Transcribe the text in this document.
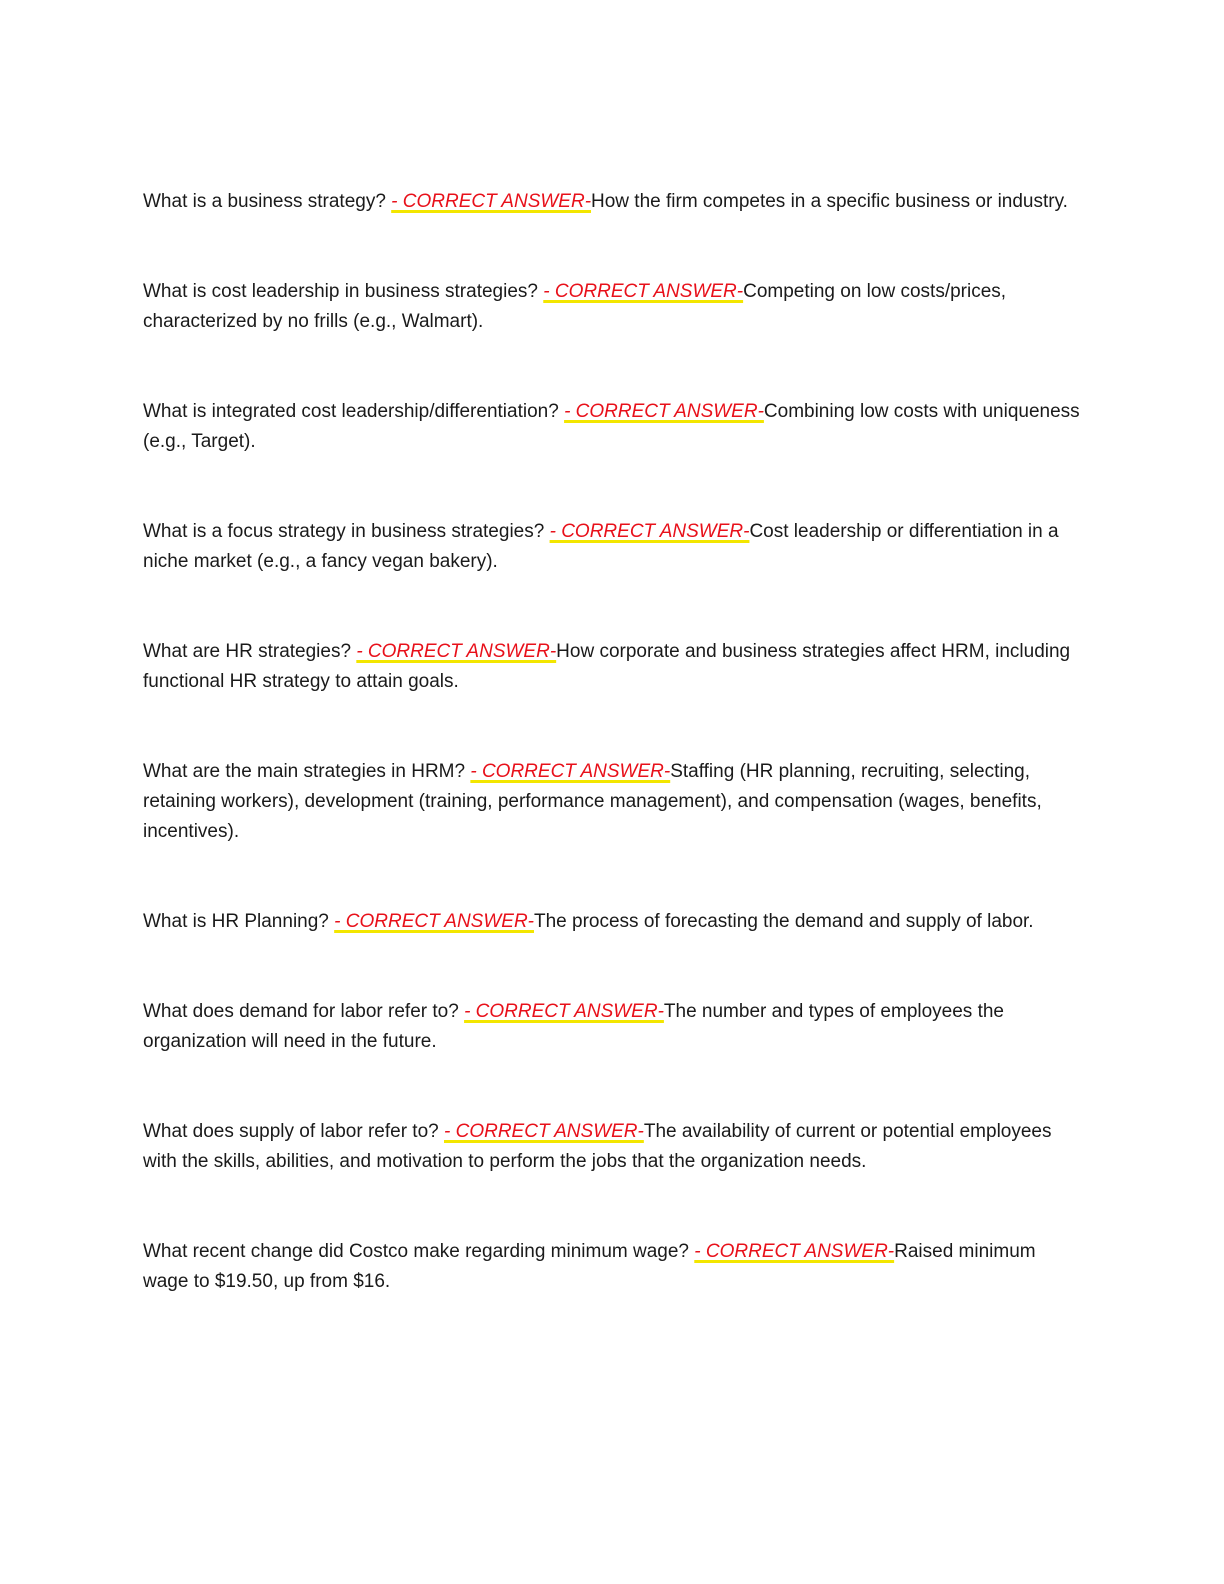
What is a business strategy? - CORRECT ANSWER-How the firm competes in a specific business or industry.

What is cost leadership in business strategies? - CORRECT ANSWER-Competing on low costs/prices, characterized by no frills (e.g., Walmart).

What is integrated cost leadership/differentiation? - CORRECT ANSWER-Combining low costs with uniqueness (e.g., Target).

What is a focus strategy in business strategies? - CORRECT ANSWER-Cost leadership or differentiation in a niche market (e.g., a fancy vegan bakery).

What are HR strategies? - CORRECT ANSWER-How corporate and business strategies affect HRM, including functional HR strategy to attain goals.

What are the main strategies in HRM? - CORRECT ANSWER-Staffing (HR planning, recruiting, selecting, retaining workers), development (training, performance management), and compensation (wages, benefits, incentives).

What is HR Planning? - CORRECT ANSWER-The process of forecasting the demand and supply of labor.

What does demand for labor refer to? - CORRECT ANSWER-The number and types of employees the organization will need in the future.

What does supply of labor refer to? - CORRECT ANSWER-The availability of current or potential employees with the skills, abilities, and motivation to perform the jobs that the organization needs.

What recent change did Costco make regarding minimum wage? - CORRECT ANSWER-Raised minimum wage to $19.50, up from $16.
